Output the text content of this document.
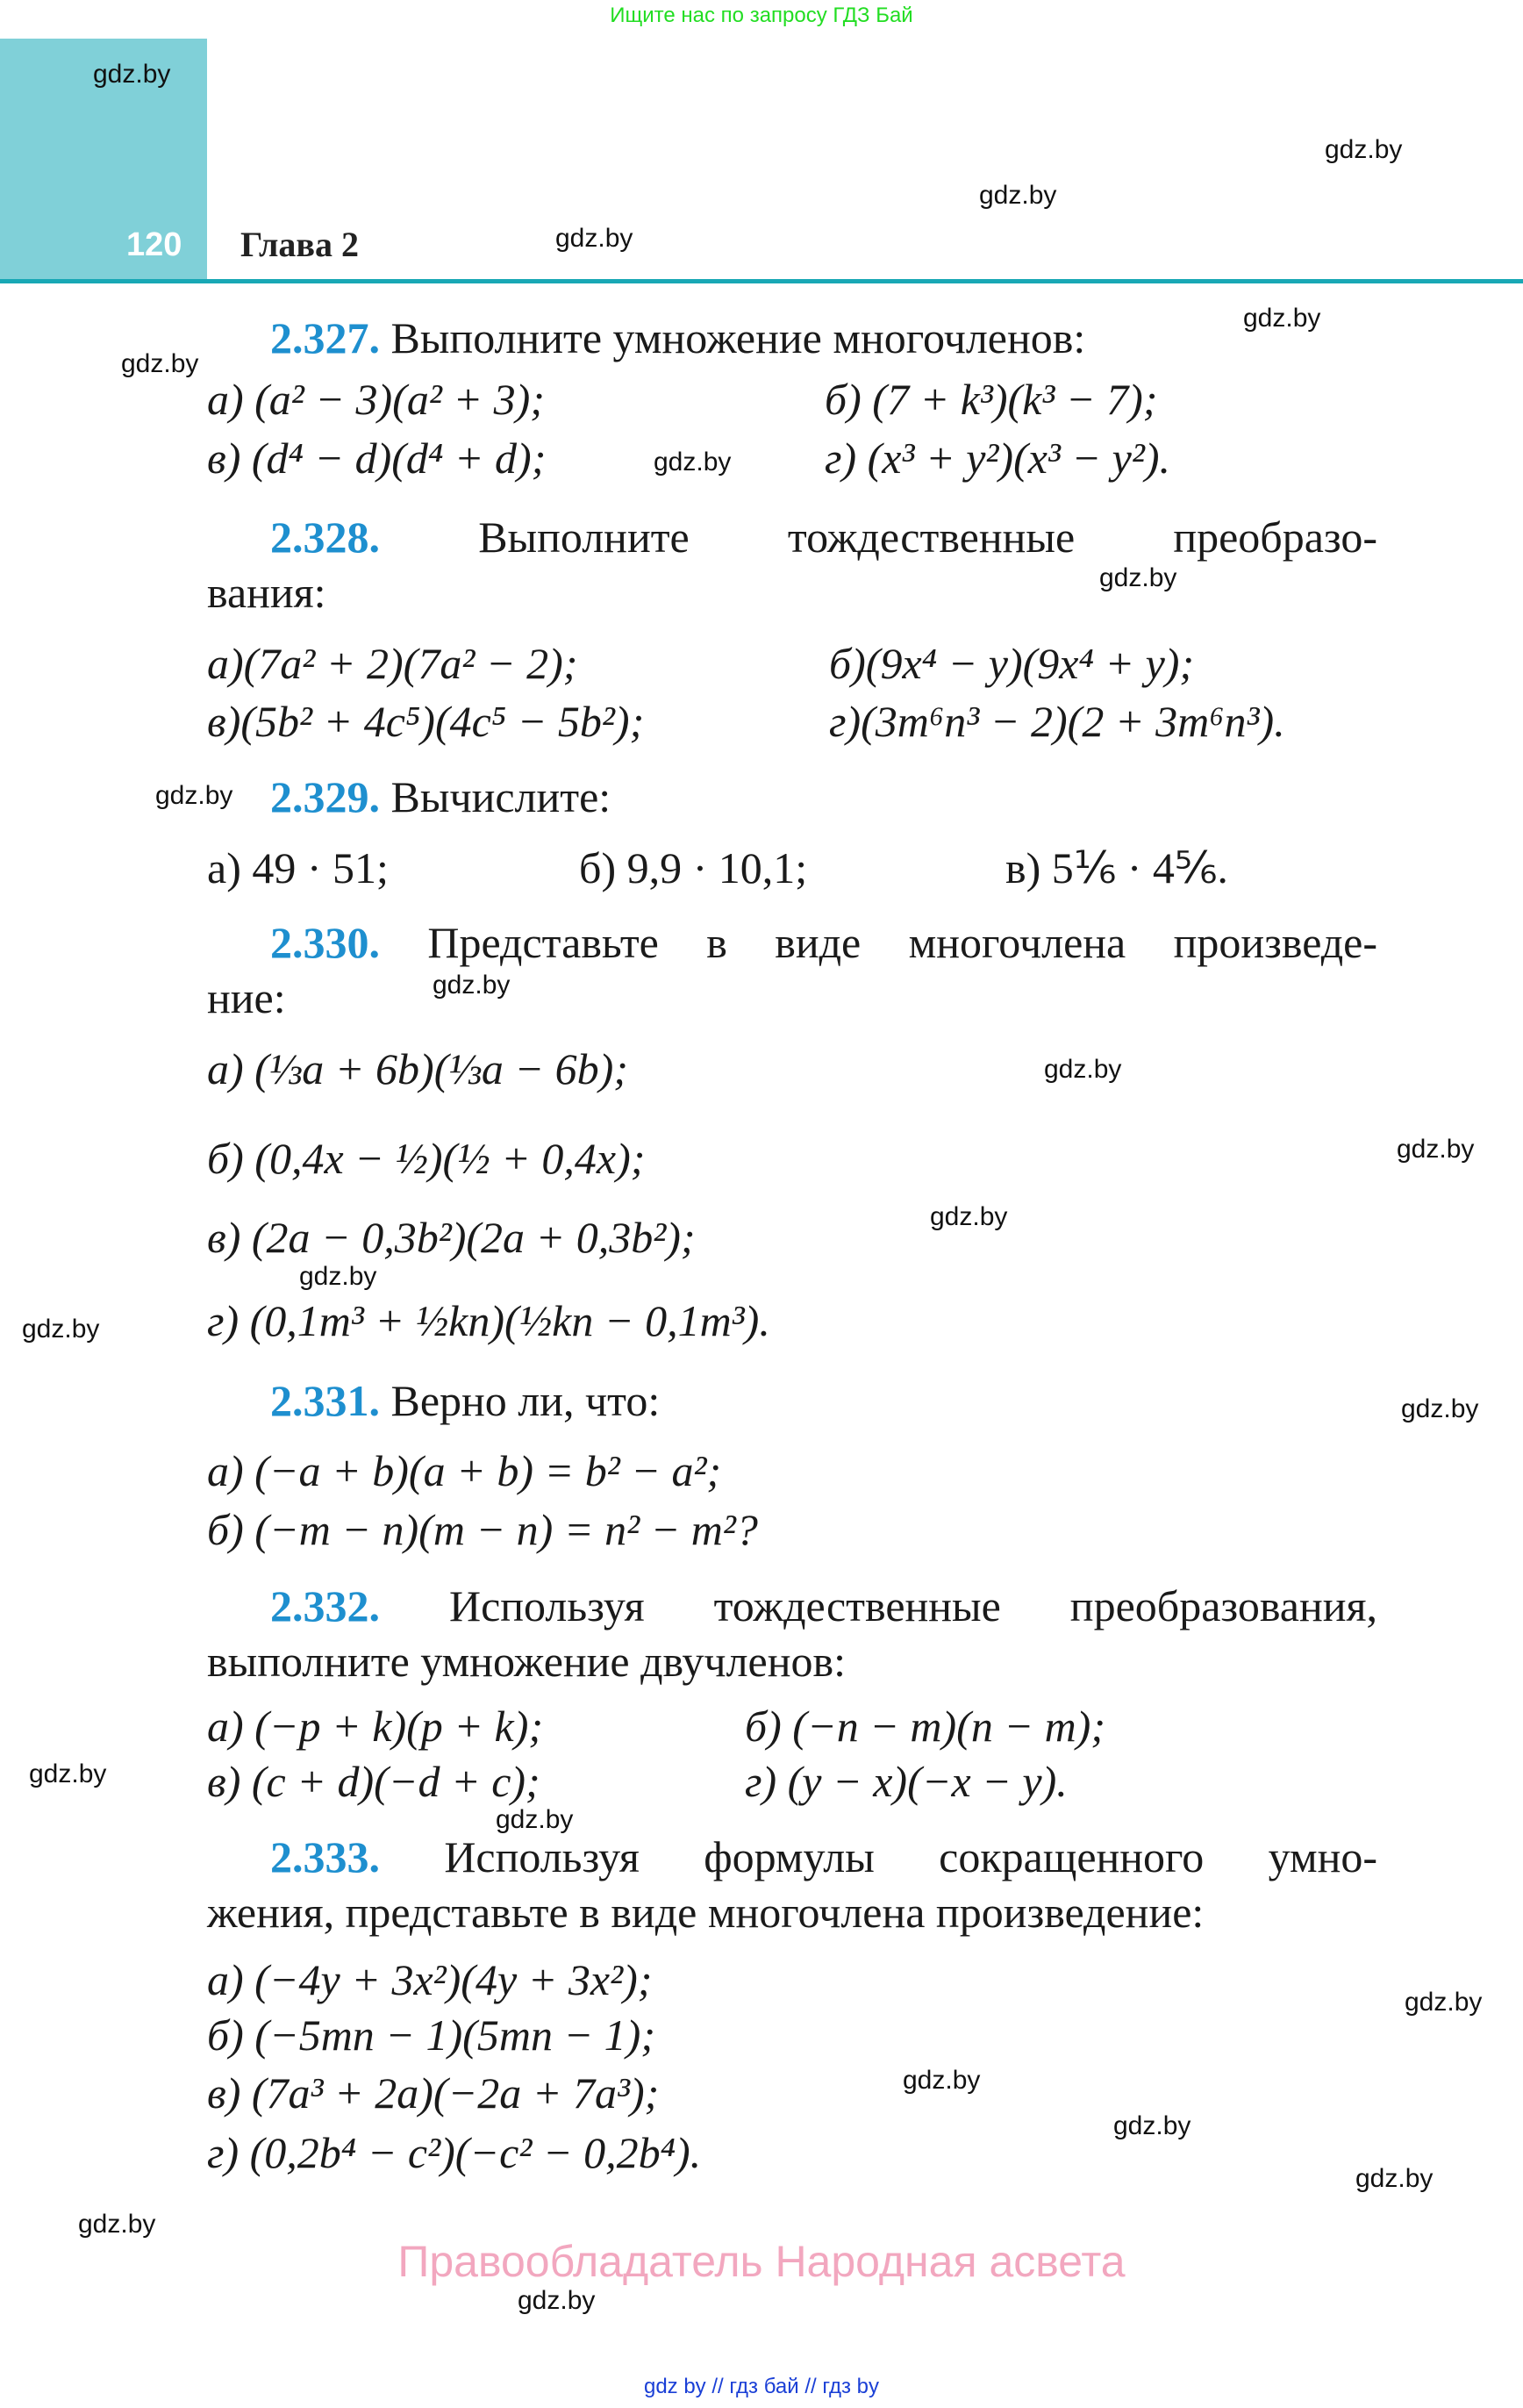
Ищите нас по запросу ГДЗ Бай
120 Глава 2
2.327. Выполните умножение многочленов:
а) (a² − 3)(a² + 3);	б) (7 + k³)(k³ − 7);
в) (d⁴ − d)(d⁴ + d);	г) (x³ + y²)(x³ − y²).
2.328. Выполните тождественные преобразо-
вания:
а)(7a² + 2)(7a² − 2);	б)(9x⁴ − y)(9x⁴ + y);
в)(5b² + 4c⁵)(4c⁵ − 5b²);	г)(3m⁶n³ − 2)(2 + 3m⁶n³).
2.329. Вычислите:
а) 49 · 51;	б) 9,9 · 10,1;	в) 5⅙ · 4⅚.
2.330. Представьте в виде многочлена произведе-
ние:
а) (⅓a + 6b)(⅓a − 6b);
б) (0,4x − ½)(½ + 0,4x);
в) (2a − 0,3b²)(2a + 0,3b²);
г) (0,1m³ + ½kn)(½kn − 0,1m³).
2.331. Верно ли, что:
а) (−a + b)(a + b) = b² − a²;
б) (−m − n)(m − n) = n² − m²?
2.332. Используя тождественные преобразования,
выполните умножение двучленов:
а) (−p + k)(p + k);	б) (−n − m)(n − m);
в) (c + d)(−d + c);	г) (y − x)(−x − y).
2.333. Используя формулы сокращенного умно-
жения, представьте в виде многочлена произведение:
а) (−4y + 3x²)(4y + 3x²);
б) (−5mn − 1)(5mn − 1);
в) (7a³ + 2a)(−2a + 7a³);
г) (0,2b⁴ − c²)(−c² − 0,2b⁴).
gdz.by
gdz.by
gdz.by
gdz.by
gdz.by
gdz.by
gdz.by
gdz.by
gdz.by
gdz.by
gdz.by
gdz.by
gdz.by
gdz.by
gdz.by
gdz.by
gdz.by
gdz.by
gdz.by
gdz.by
gdz.by
gdz.by
gdz.by
gdz.by
Правообладатель Народная асвета
gdz by // гдз бай // гдз by
